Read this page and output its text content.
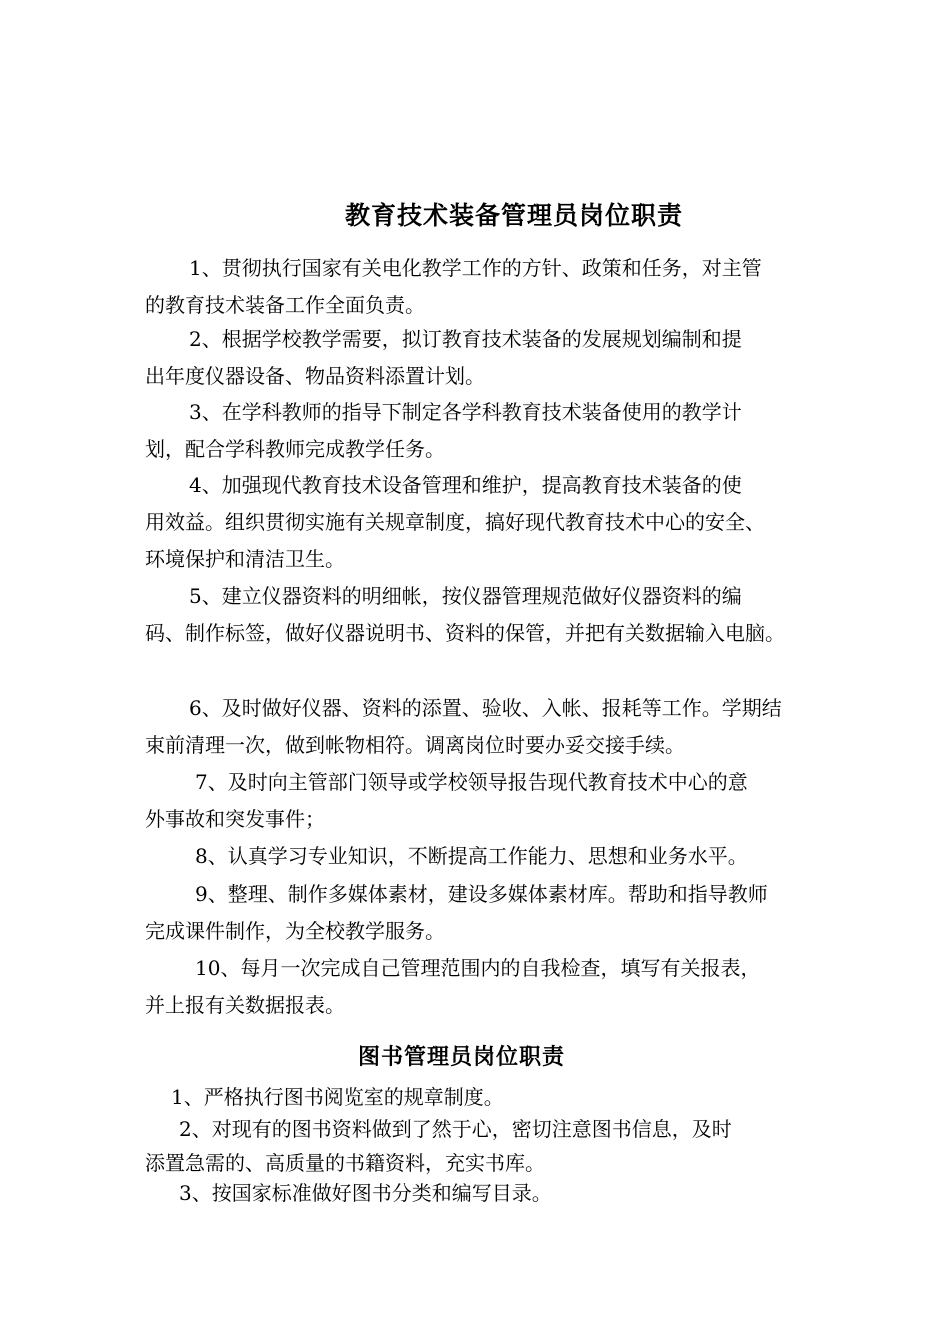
教育技术装备管理员岗位职责
1、贯彻执行国家有关电化教学工作的方针、政策和任务，对主管
的教育技术装备工作全面负责。
2、根据学校教学需要，拟订教育技术装备的发展规划编制和提
出年度仪器设备、物品资料添置计划。
3、在学科教师的指导下制定各学科教育技术装备使用的教学计
划，配合学科教师完成教学任务。
4、加强现代教育技术设备管理和维护，提高教育技术装备的使
用效益。组织贯彻实施有关规章制度，搞好现代教育技术中心的安全、
环境保护和清洁卫生。
5、建立仪器资料的明细帐，按仪器管理规范做好仪器资料的编
码、制作标签，做好仪器说明书、资料的保管，并把有关数据输入电脑。
6、及时做好仪器、资料的添置、验收、入帐、报耗等工作。学期结
束前清理一次，做到帐物相符。调离岗位时要办妥交接手续。
7、及时向主管部门领导或学校领导报告现代教育技术中心的意
外事故和突发事件；
8、认真学习专业知识，不断提高工作能力、思想和业务水平。
9、整理、制作多媒体素材，建设多媒体素材库。帮助和指导教师
完成课件制作，为全校教学服务。
10、每月一次完成自己管理范围内的自我检查，填写有关报表，
并上报有关数据报表。
图书管理员岗位职责
1、严格执行图书阅览室的规章制度。
2、对现有的图书资料做到了然于心，密切注意图书信息，及时
添置急需的、高质量的书籍资料，充实书库。
3、按国家标准做好图书分类和编写目录。
